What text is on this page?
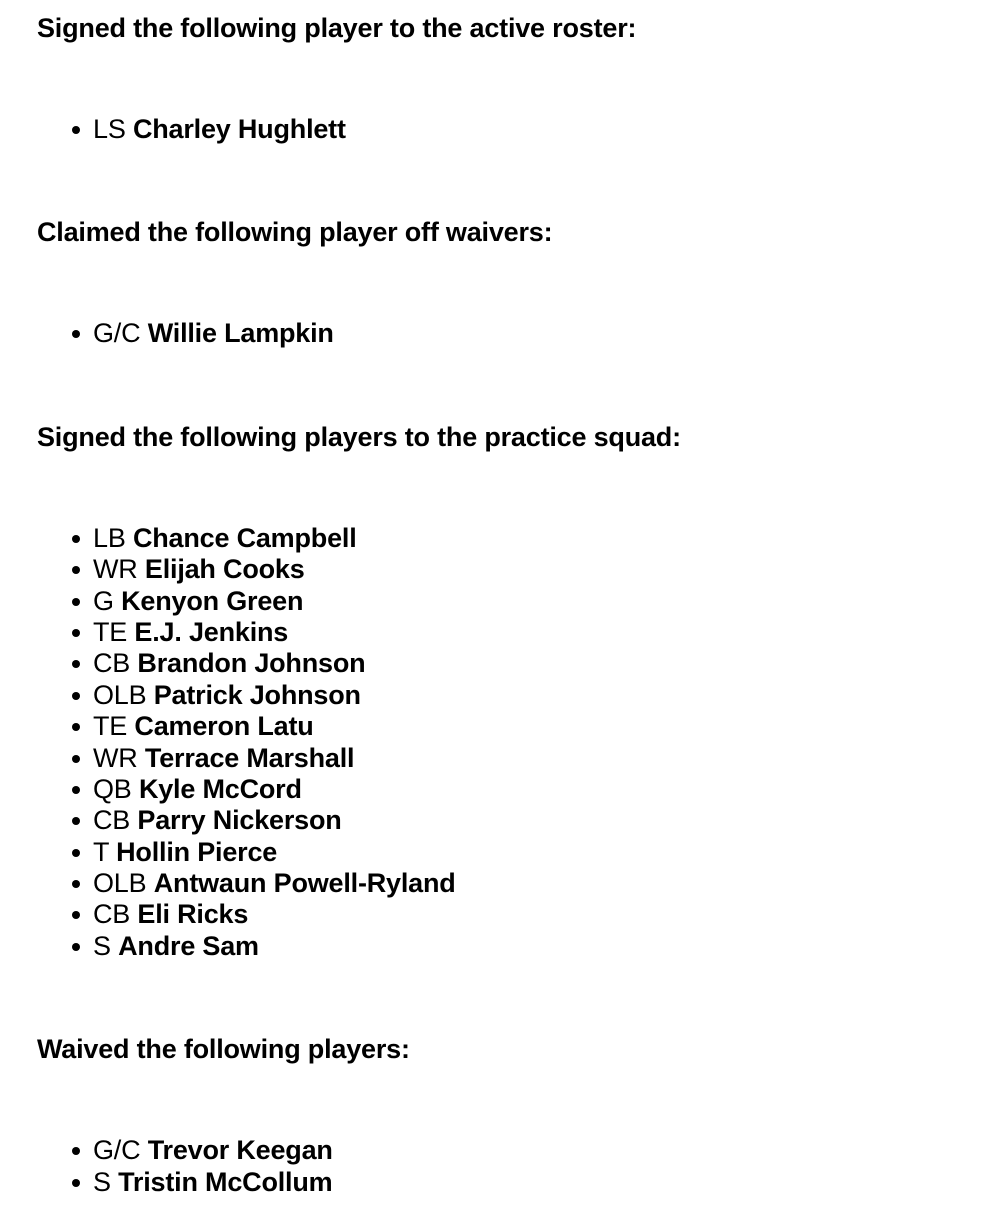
Signed the following player to the active roster:
LS Charley Hughlett
Claimed the following player off waivers:
G/C Willie Lampkin
Signed the following players to the practice squad:
LB Chance Campbell
WR Elijah Cooks
G Kenyon Green
TE E.J. Jenkins
CB Brandon Johnson
OLB Patrick Johnson
TE Cameron Latu
WR Terrace Marshall
QB Kyle McCord
CB Parry Nickerson
T Hollin Pierce
OLB Antwaun Powell-Ryland
CB Eli Ricks
S Andre Sam
Waived the following players:
G/C Trevor Keegan
S Tristin McCollum
